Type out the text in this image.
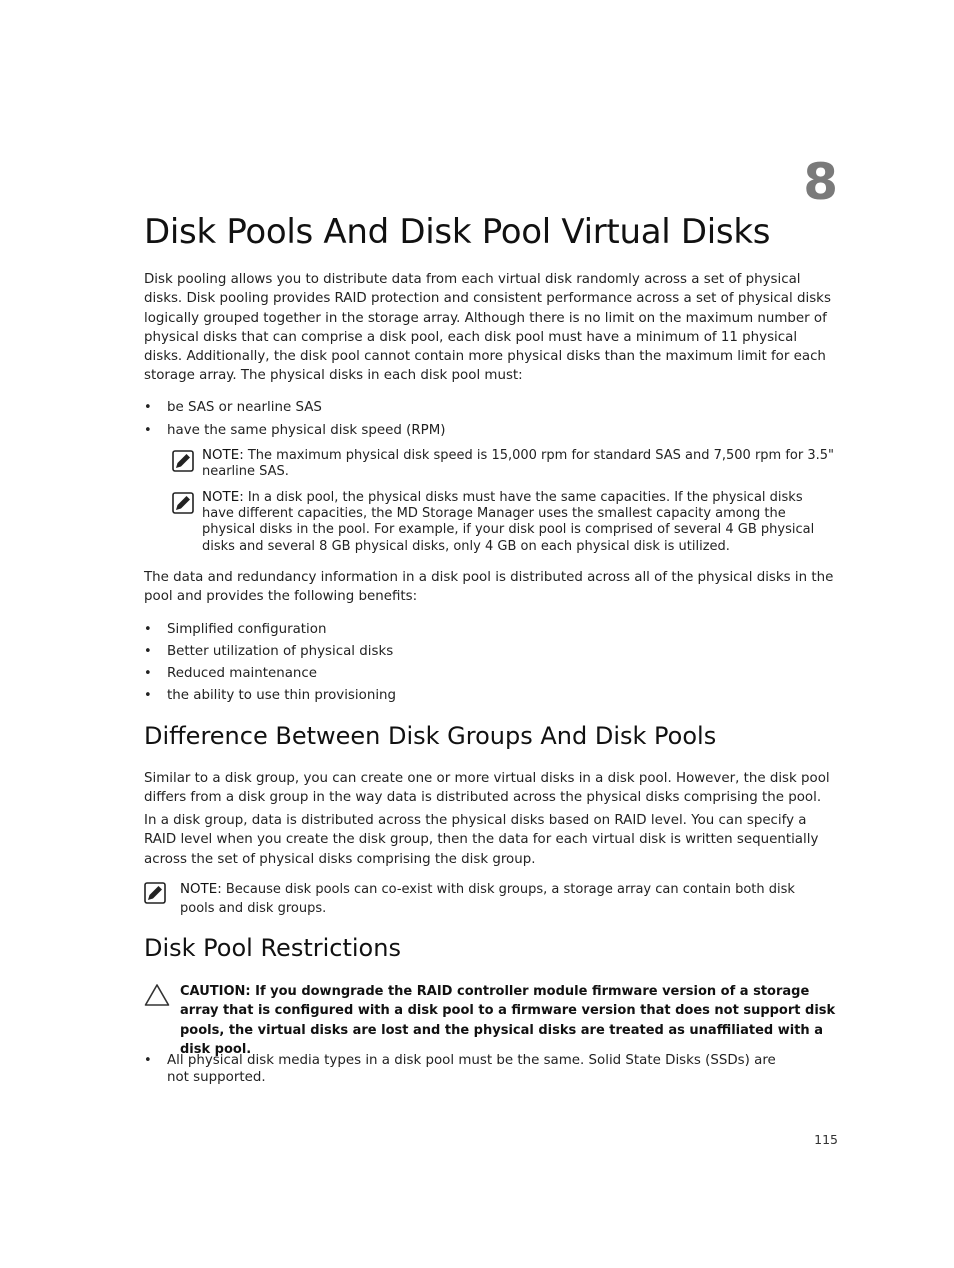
8
Disk Pools And Disk Pool Virtual Disks

Disk pooling allows you to distribute data from each virtual disk randomly across a set of physical disks. Disk pooling provides RAID protection and consistent performance across a set of physical disks logically grouped together in the storage array. Although there is no limit on the maximum number of physical disks that can comprise a disk pool, each disk pool must have a minimum of 11 physical disks. Additionally, the disk pool cannot contain more physical disks than the maximum limit for each storage array. The physical disks in each disk pool must:

• be SAS or nearline SAS
• have the same physical disk speed (RPM)
NOTE: The maximum physical disk speed is 15,000 rpm for standard SAS and 7,500 rpm for 3.5" nearline SAS.
NOTE: In a disk pool, the physical disks must have the same capacities. If the physical disks have different capacities, the MD Storage Manager uses the smallest capacity among the physical disks in the pool. For example, if your disk pool is comprised of several 4 GB physical disks and several 8 GB physical disks, only 4 GB on each physical disk is utilized.

The data and redundancy information in a disk pool is distributed across all of the physical disks in the pool and provides the following benefits:

• Simplified configuration
• Better utilization of physical disks
• Reduced maintenance
• the ability to use thin provisioning
Difference Between Disk Groups And Disk Pools

Similar to a disk group, you can create one or more virtual disks in a disk pool. However, the disk pool differs from a disk group in the way data is distributed across the physical disks comprising the pool.

In a disk group, data is distributed across the physical disks based on RAID level. You can specify a RAID level when you create the disk group, then the data for each virtual disk is written sequentially across the set of physical disks comprising the disk group.

NOTE: Because disk pools can co-exist with disk groups, a storage array can contain both disk pools and disk groups.
Disk Pool Restrictions
CAUTION: If you downgrade the RAID controller module firmware version of a storage array that is configured with a disk pool to a firmware version that does not support disk pools, the virtual disks are lost and the physical disks are treated as unaffiliated with a disk pool.
• All physical disk media types in a disk pool must be the same. Solid State Disks (SSDs) are not supported.
115
